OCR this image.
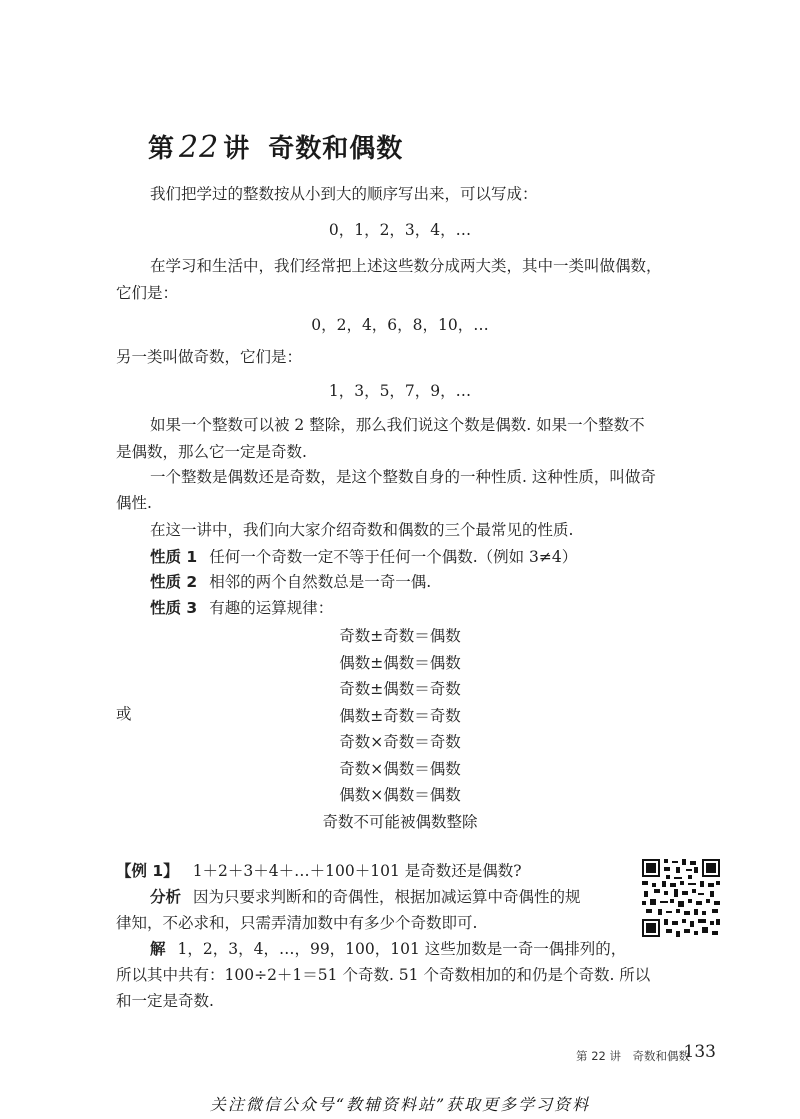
第 22 讲 奇数和偶数
我们把学过的整数按从小到大的顺序写出来，可以写成：
0，1，2，3，4，…
在学习和生活中，我们经常把上述这些数分成两大类，其中一类叫做偶数，
它们是：
0，2，4，6，8，10，…
另一类叫做奇数，它们是：
1，3，5，7，9，…
如果一个整数可以被 2 整除，那么我们说这个数是偶数. 如果一个整数不
是偶数，那么它一定是奇数.
一个整数是偶数还是奇数，是这个整数自身的一种性质. 这种性质，叫做奇
偶性.
在这一讲中，我们向大家介绍奇数和偶数的三个最常见的性质.
性质 1 任何一个奇数一定不等于任何一个偶数.（例如 3≠4）
性质 2 相邻的两个自然数总是一奇一偶.
性质 3 有趣的运算规律：
奇数±奇数＝偶数
偶数±偶数＝偶数
奇数±偶数＝奇数
偶数±奇数＝奇数
奇数×奇数＝奇数
奇数×偶数＝偶数
偶数×偶数＝偶数
奇数不可能被偶数整除
或
【例 1】 1＋2＋3＋4＋…＋100＋101 是奇数还是偶数?
分析 因为只要求判断和的奇偶性，根据加减运算中奇偶性的规
律知，不必求和，只需弄清加数中有多少个奇数即可.
解 1，2，3，4，…，99，100，101 这些加数是一奇一偶排列的，
所以其中共有：100÷2＋1＝51 个奇数. 51 个奇数相加的和仍是个奇数. 所以
和一定是奇数.
第 22 讲　奇数和偶数
133
关注微信公众号“教辅资料站”获取更多学习资料
